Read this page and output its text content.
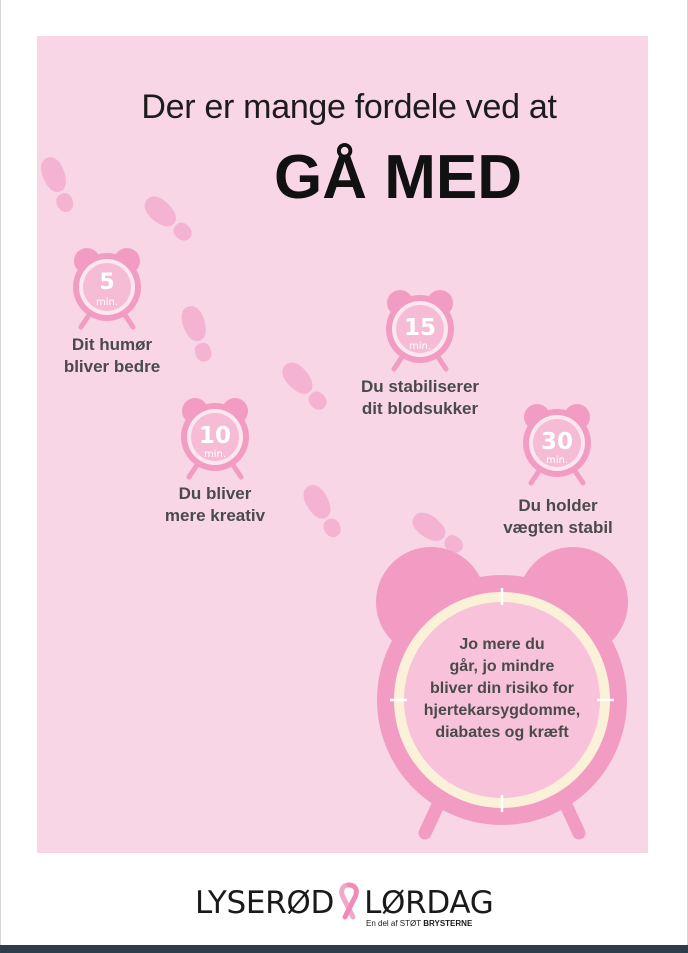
Der er mange fordele ved at
GÅ MED
5
min.
10
min.
15
min.
30
min.
Dit humør
bliver bedre
Du bliver
mere kreativ
Du stabiliserer
dit blodsukker
Du holder
vægten stabil
Jo mere du
går, jo mindre
bliver din risiko for
hjertekarsygdomme,
diabates og kræft
LYSERØD LØRDAG
En del af STØT BRYSTERNE
